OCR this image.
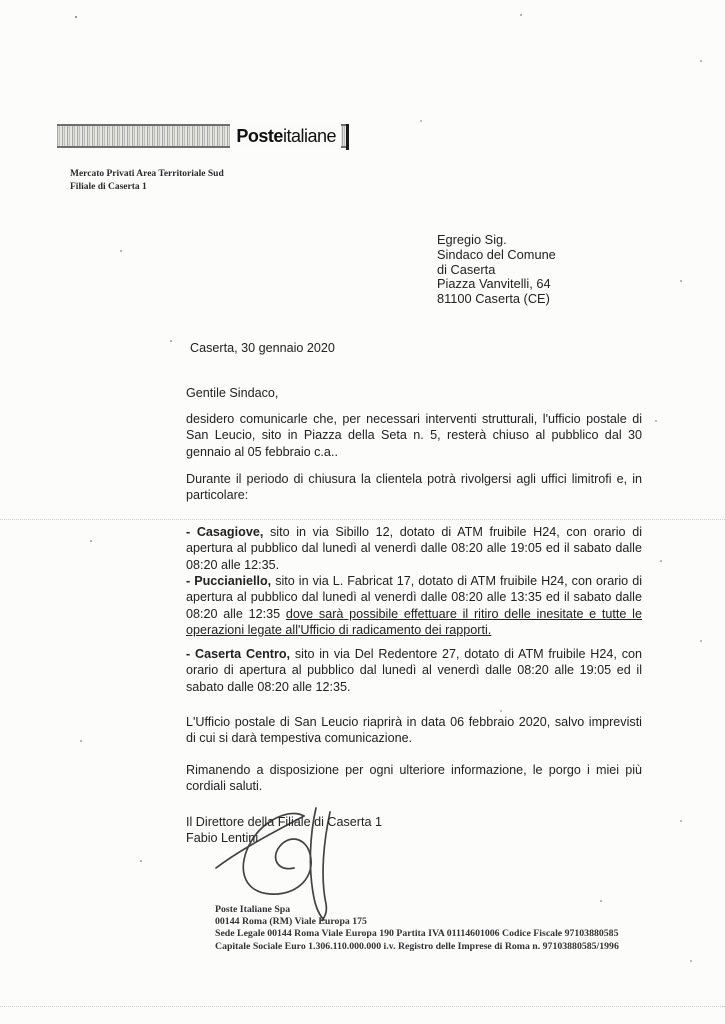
Poste italiane
Mercato Privati Area Territoriale Sud
Filiale di Caserta 1
Egregio Sig.
Sindaco del Comune
di Caserta
Piazza Vanvitelli, 64
81100 Caserta (CE)
Caserta, 30 gennaio 2020
Gentile Sindaco,
desidero comunicarle che, per necessari interventi strutturali, l'ufficio postale di San Leucio, sito in Piazza della Seta n. 5, resterà chiuso al pubblico dal 30 gennaio al 05 febbraio c.a..
Durante il periodo di chiusura la clientela potrà rivolgersi agli uffici limitrofi e, in particolare:
- Casagiove, sito in via Sibillo 12, dotato di ATM fruibile H24, con orario di apertura al pubblico dal lunedì al venerdì dalle 08:20 alle 19:05 ed il sabato dalle 08:20 alle 12:35.
- Puccianiello, sito in via L. Fabricat 17, dotato di ATM fruibile H24, con orario di apertura al pubblico dal lunedì al venerdì dalle 08:20 alle 13:35 ed il sabato dalle 08:20 alle 12:35 dove sarà possibile effettuare il ritiro delle inesitate e tutte le operazioni legate all'Ufficio di radicamento dei rapporti.
- Caserta Centro, sito in via Del Redentore 27, dotato di ATM fruibile H24, con orario di apertura al pubblico dal lunedì al venerdì dalle 08:20 alle 19:05 ed il sabato dalle 08:20 alle 12:35.
L'Ufficio postale di San Leucio riaprirà in data 06 febbraio 2020, salvo imprevisti di cui si darà tempestiva comunicazione.
Rimanendo a disposizione per ogni ulteriore informazione, le porgo i miei più cordiali saluti.
Il Direttore della Filiale di Caserta 1
Fabio Lentini
Poste Italiane Spa
00144 Roma (RM) Viale Europa 175
Sede Legale 00144 Roma Viale Europa 190 Partita IVA 01114601006 Codice Fiscale 97103880585
Capitale Sociale Euro 1.306.110.000.000 i.v. Registro delle Imprese di Roma n. 97103880585/1996
